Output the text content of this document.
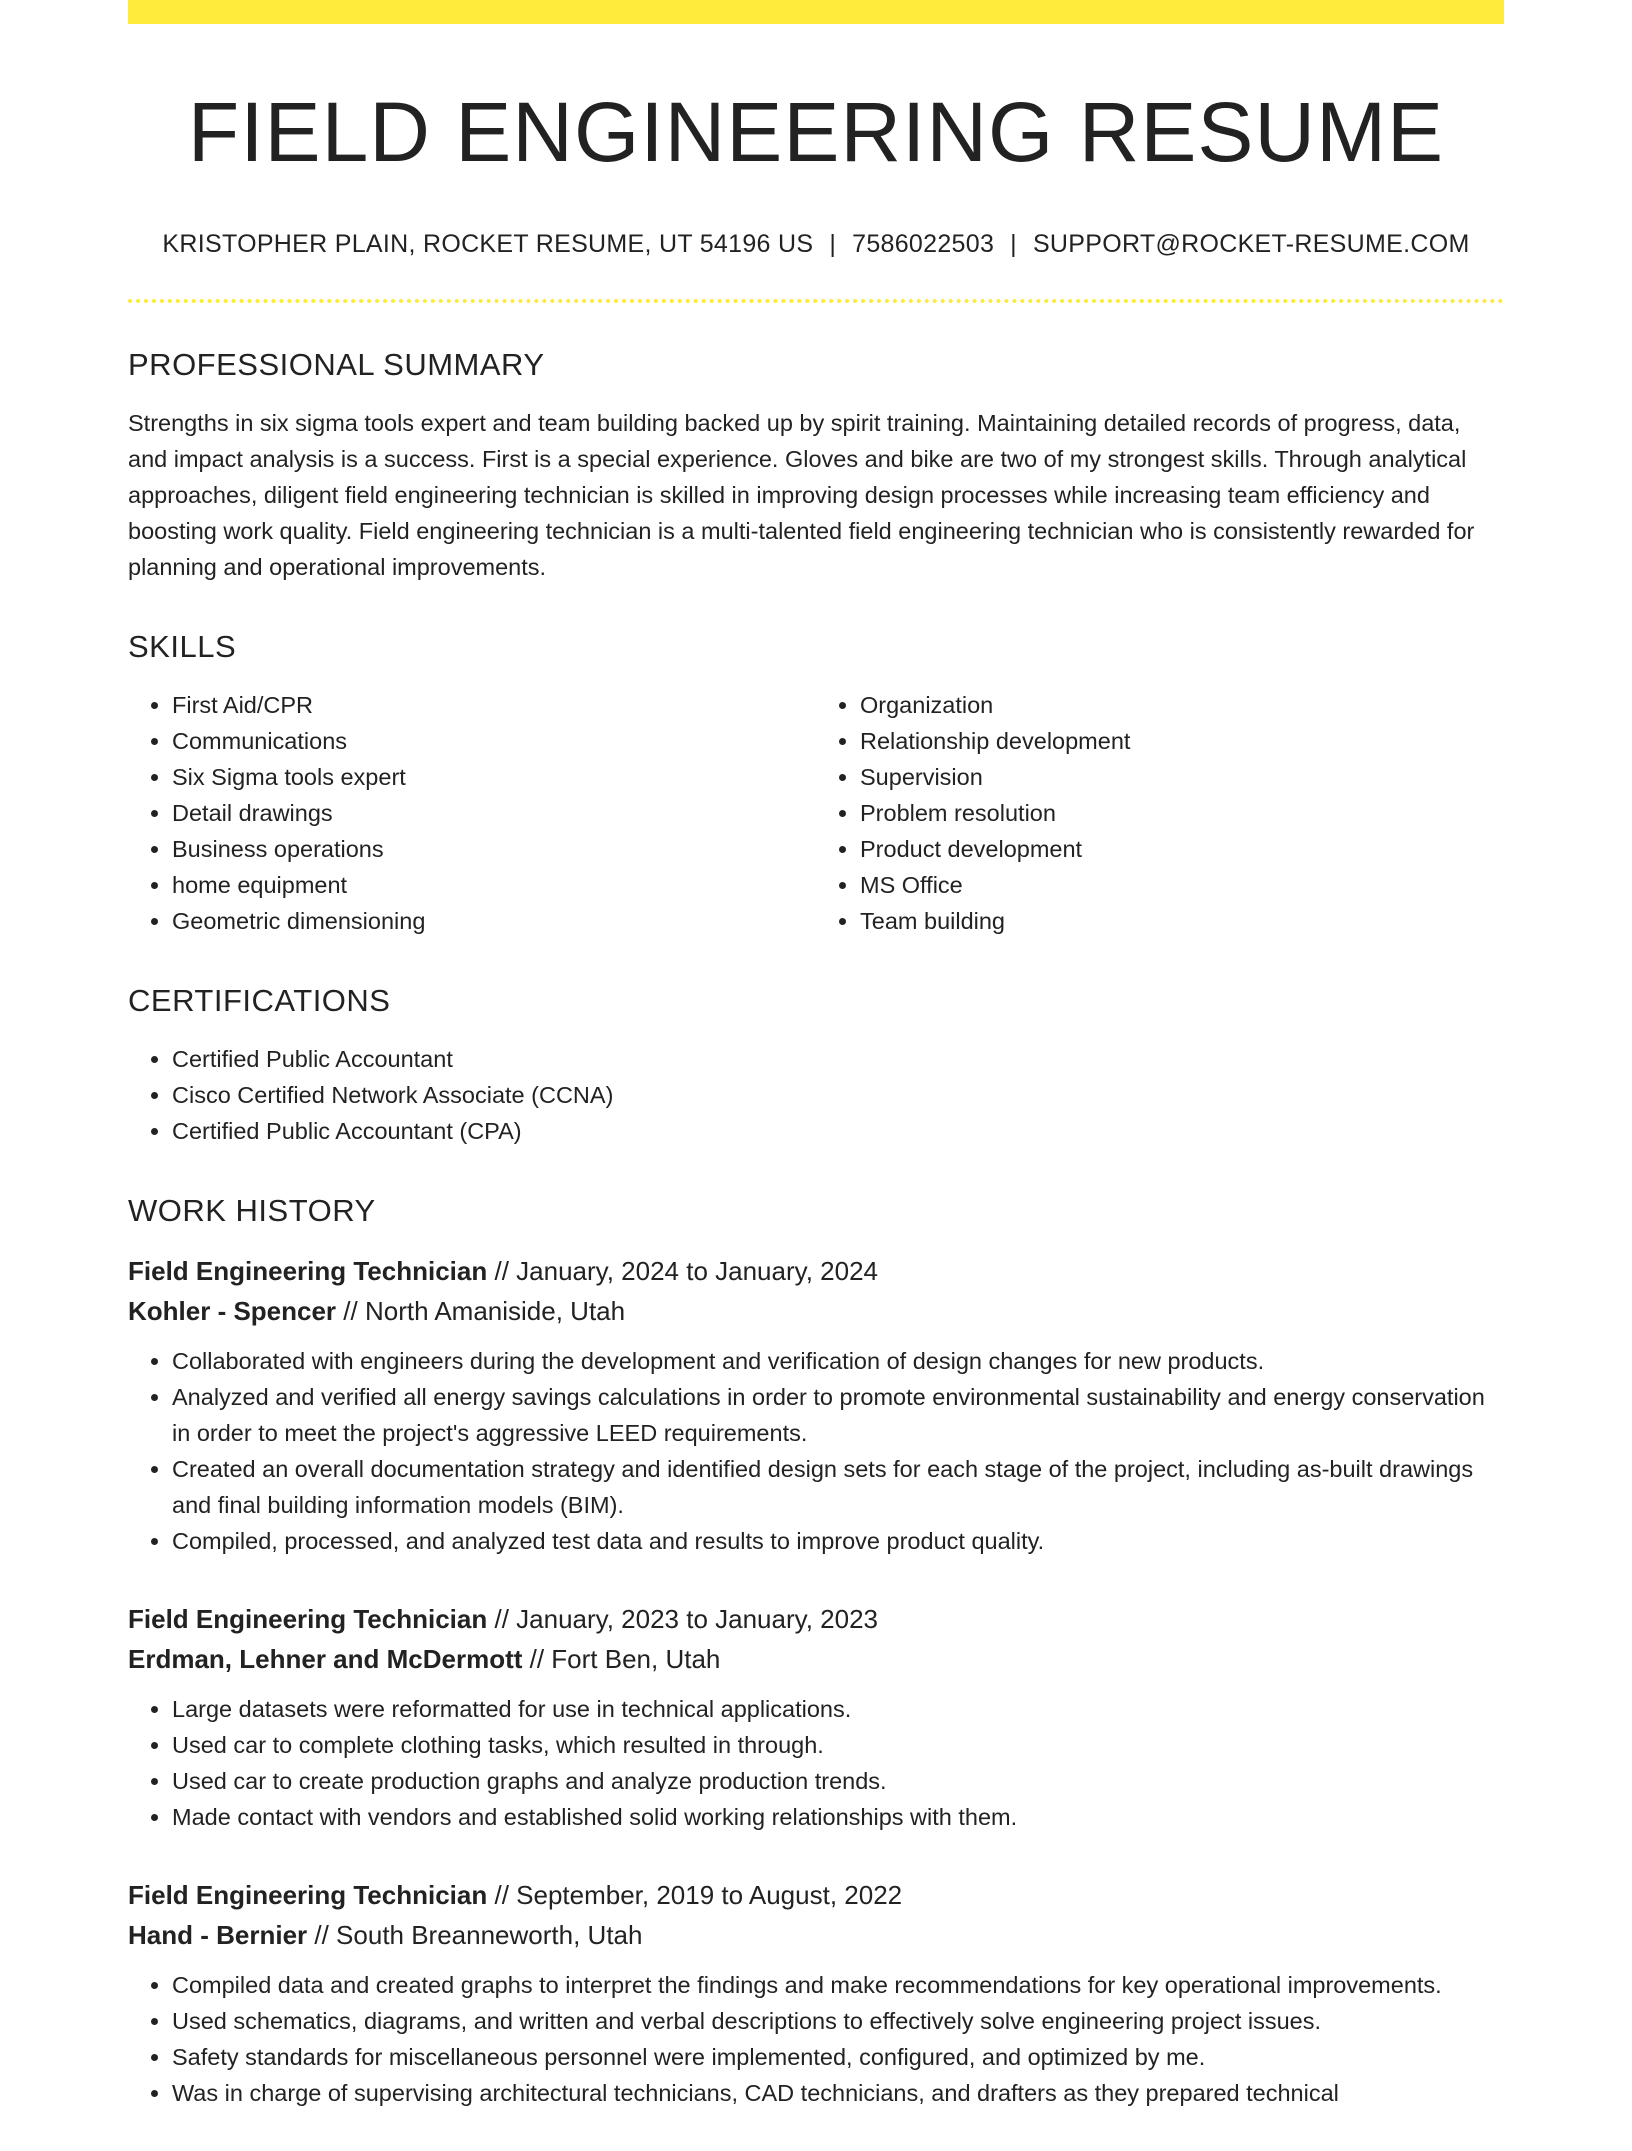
FIELD ENGINEERING RESUME
KRISTOPHER PLAIN, ROCKET RESUME, UT 54196 US | 7586022503 | SUPPORT@ROCKET-RESUME.COM
PROFESSIONAL SUMMARY

Strengths in six sigma tools expert and team building backed up by spirit training. Maintaining detailed records of progress, data, and impact analysis is a success. First is a special experience. Gloves and bike are two of my strongest skills. Through analytical approaches, diligent field engineering technician is skilled in improving design processes while increasing team efficiency and boosting work quality. Field engineering technician is a multi-talented field engineering technician who is consistently rewarded for planning and operational improvements.

SKILLS
• First Aid/CPR
• Communications
• Six Sigma tools expert
• Detail drawings
• Business operations
• home equipment
• Geometric dimensioning
• Organization
• Relationship development
• Supervision
• Problem resolution
• Product development
• MS Office
• Team building
CERTIFICATIONS
• Certified Public Accountant
• Cisco Certified Network Associate (CCNA)
• Certified Public Accountant (CPA)
WORK HISTORY
Field Engineering Technician // January, 2024 to January, 2024
Kohler - Spencer // North Amaniside, Utah
• Collaborated with engineers during the development and verification of design changes for new products.
• Analyzed and verified all energy savings calculations in order to promote environmental sustainability and energy conservation in order to meet the project's aggressive LEED requirements.
• Created an overall documentation strategy and identified design sets for each stage of the project, including as-built drawings and final building information models (BIM).
• Compiled, processed, and analyzed test data and results to improve product quality.
Field Engineering Technician // January, 2023 to January, 2023
Erdman, Lehner and McDermott // Fort Ben, Utah
• Large datasets were reformatted for use in technical applications.
• Used car to complete clothing tasks, which resulted in through.
• Used car to create production graphs and analyze production trends.
• Made contact with vendors and established solid working relationships with them.
Field Engineering Technician // September, 2019 to August, 2022
Hand - Bernier // South Breanneworth, Utah
• Compiled data and created graphs to interpret the findings and make recommendations for key operational improvements.
• Used schematics, diagrams, and written and verbal descriptions to effectively solve engineering project issues.
• Safety standards for miscellaneous personnel were implemented, configured, and optimized by me.
• Was in charge of supervising architectural technicians, CAD technicians, and drafters as they prepared technical
